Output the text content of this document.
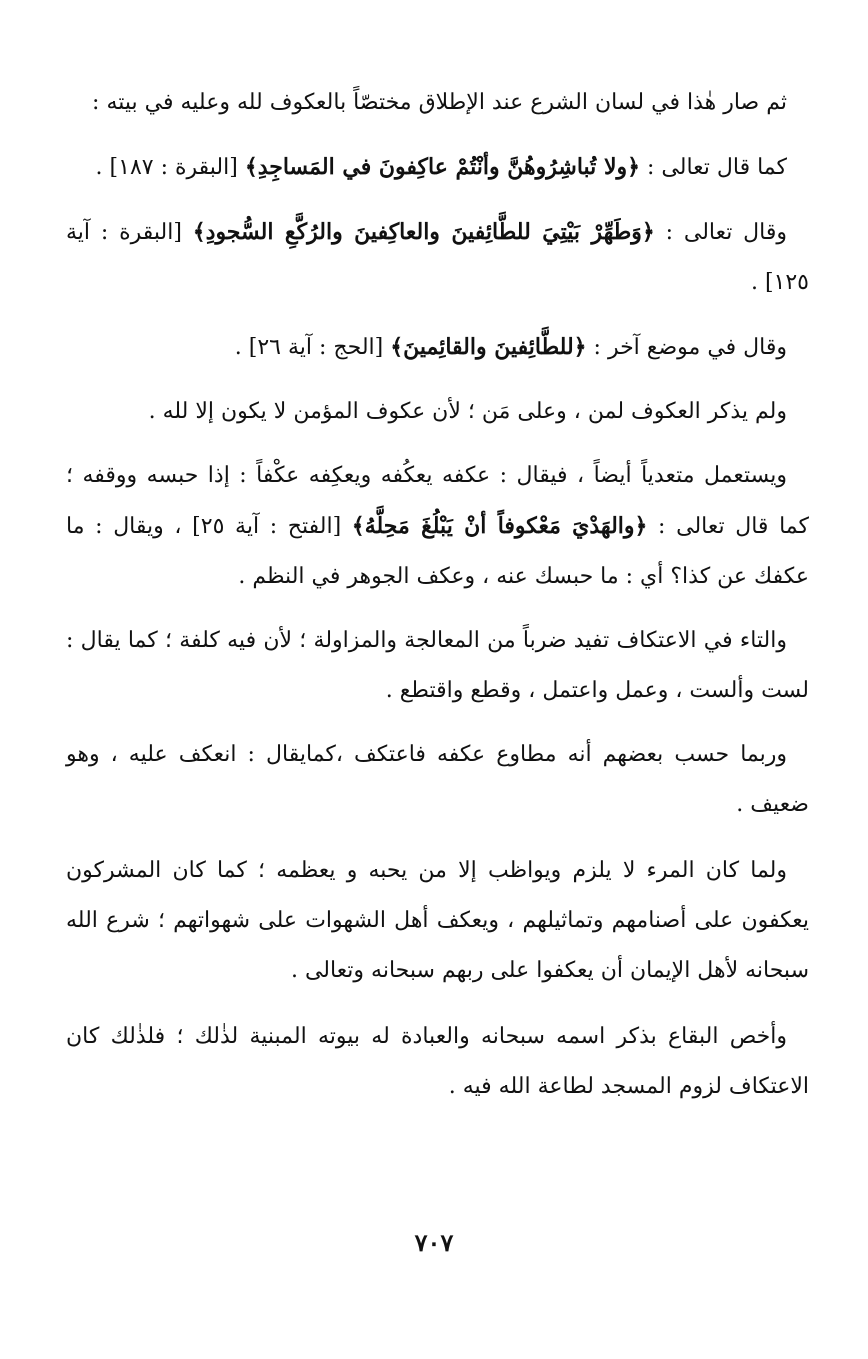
ثم صار هٰذا في لسان الشرع عند الإطلاق مختصّاً بالعكوف لله وعليه في بيته :

كما قال تعالى : ﴿ولا تُباشِرُوهُنَّ وأنْتُمْ عاكِفونَ في المَساجِدِ﴾ [البقرة : ١٨٧] .

وقال تعالى : ﴿وَطَهِّرْ بَيْتِيَ للطَّائِفينَ والعاكِفينَ والرُكَّعِ السُّجودِ﴾ [البقرة : آية ١٢٥] .

وقال في موضع آخر : ﴿للطَّائِفينَ والقائِمينَ﴾ [الحج : آية ٢٦] .

ولم يذكر العكوف لمن ، وعلى مَن ؛ لأن عكوف المؤمن لا يكون إلا لله .

ويستعمل متعدياً أيضاً ، فيقال : عكفه يعكُفه ويعكِفه عكْفاً : إذا حبسه ووقفه ؛ كما قال تعالى : ﴿والهَدْيَ مَعْكوفاً أنْ يَبْلُغَ مَحِلَّهُ﴾ [الفتح : آية ٢٥] ، ويقال : ما عكفك عن كذا؟ أي : ما حبسك عنه ، وعكف الجوهر في النظم .

والتاء في الاعتكاف تفيد ضرباً من المعالجة والمزاولة ؛ لأن فيه كلفة ؛ كما يقال : لست وألست ، وعمل واعتمل ، وقطع واقتطع .

وربما حسب بعضهم أنه مطاوع عكفه فاعتكف ،كمايقال : انعكف عليه ، وهو ضعيف .

ولما كان المرء لا يلزم ويواظب إلا من يحبه و يعظمه ؛ كما كان المشركون يعكفون على أصنامهم وتماثيلهم ، ويعكف أهل الشهوات على شهواتهم ؛ شرع الله سبحانه لأهل الإيمان أن يعكفوا على ربهم سبحانه وتعالى .

وأخص البقاع بذكر اسمه سبحانه والعبادة له بيوته المبنية لذٰلك ؛ فلذٰلك كان الاعتكاف لزوم المسجد لطاعة الله فيه .

٧٠٧
